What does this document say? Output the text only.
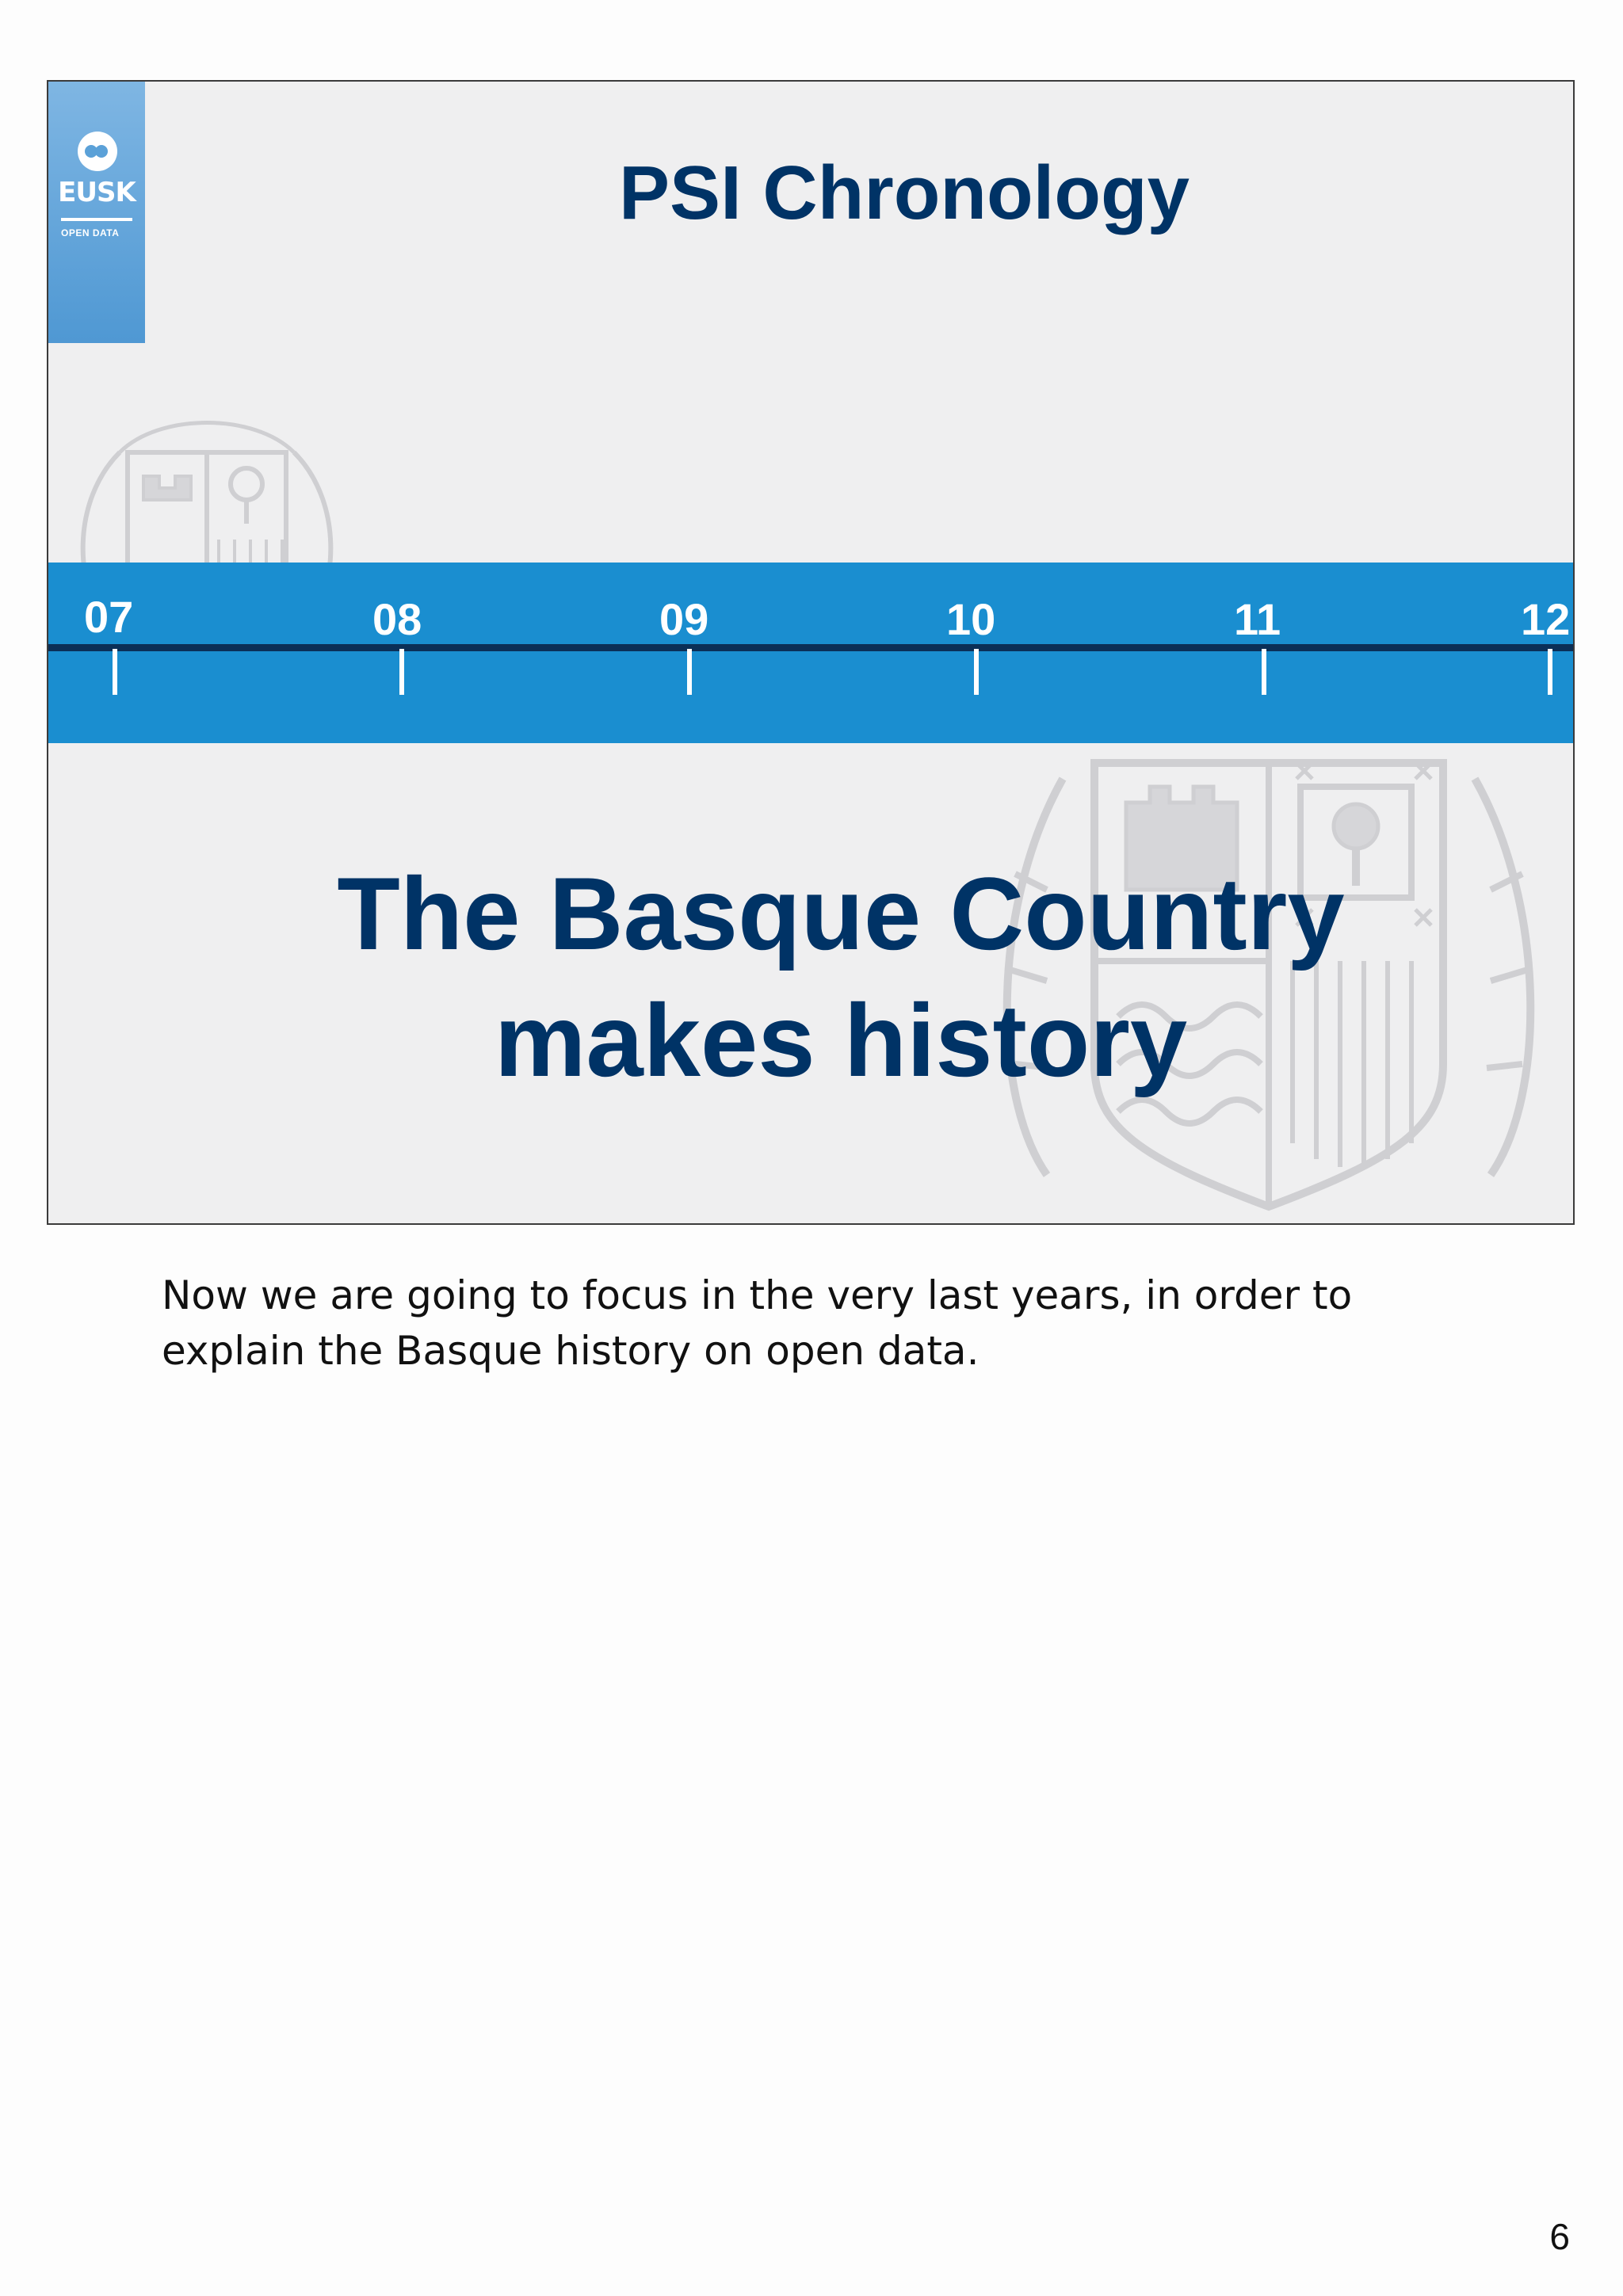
EUSK
OPEN DATA	PSI Chronology
07	08	09	10	11	12
The Basque Country makes history
Now we are going to focus in the very last years, in order to explain the Basque history on open data.
6
